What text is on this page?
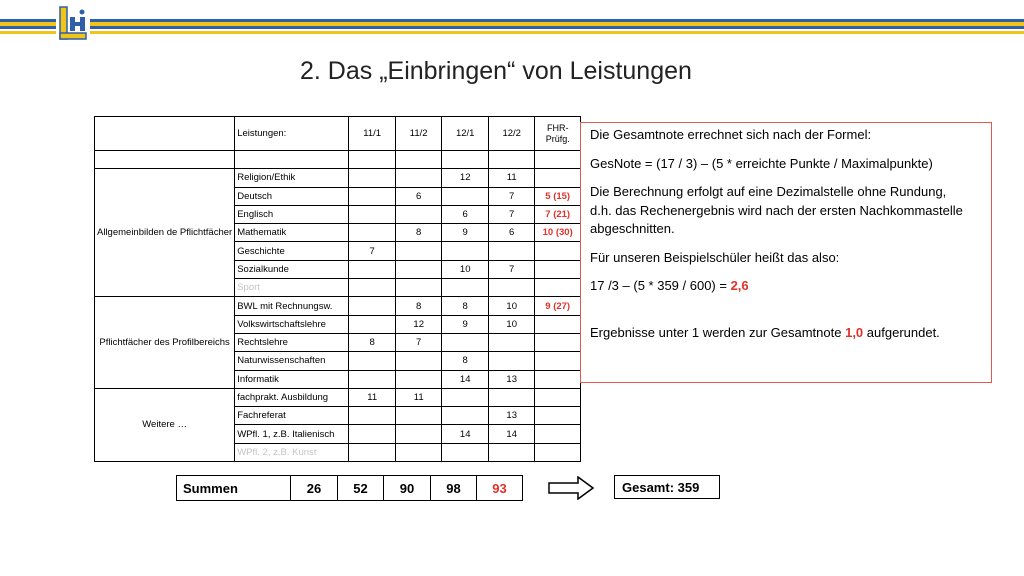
2. Das „Einbringen“ von Leistungen
	Leistungen:	11/1	11/2	12/1	12/2	FHR-Prüfg.

Allgemeinbilden de Pflichtfächer	Religion/Ethik			12	11	
	Deutsch		6		7	5 (15)
	Englisch			6	7	7 (21)
	Mathematik		8	9	6	10 (30)
	Geschichte	7				
	Sozialkunde			10	7	
	Sport					
Pflichtfächer des Profilbereichs	BWL mit Rechnungsw.		8	8	10	9 (27)
	Volkswirtschaftslehre		12	9	10	
	Rechtslehre	8	7			
	Naturwissenschaften			8		
	Informatik			14	13	
Weitere …	fachprakt. Ausbildung	11	11			
	Fachreferat				13	
	WPfl. 1, z.B. Italienisch			14	14	
	WPfl. 2, z.B. Kunst					
Summen	26	52	90	98	93	Gesamt: 359

Die Gesamtnote errechnet sich nach der Formel:

GesNote = (17 / 3) – (5 * erreichte Punkte / Maximalpunkte)

Die Berechnung erfolgt auf eine Dezimalstelle ohne Rundung,

d.h. das Rechenergebnis wird nach der ersten Nachkommastelle

abgeschnitten.

Für unseren Beispielschüler heißt das also:

17 /3 – (5 * 359 / 600) = 2,6

Ergebnisse unter 1 werden zur Gesamtnote 1,0 aufgerundet.
